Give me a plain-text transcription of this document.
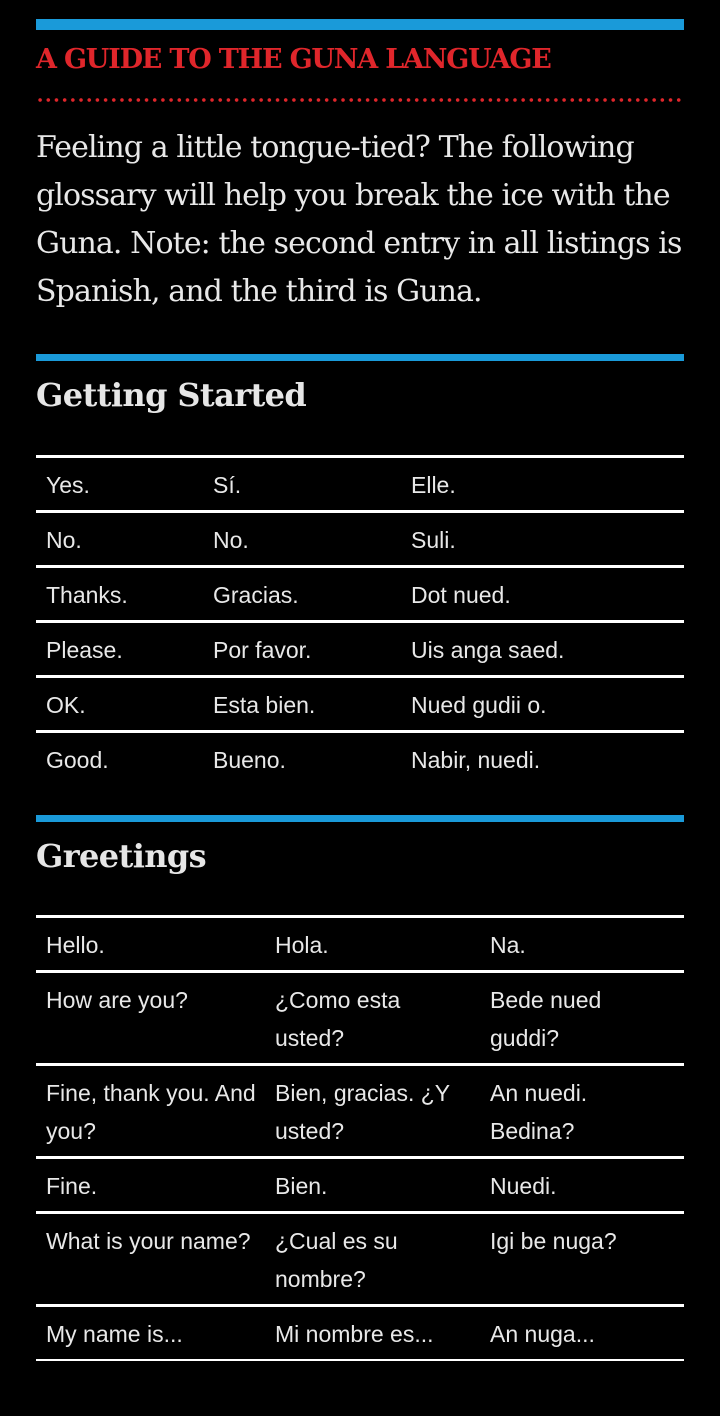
A GUIDE TO THE GUNA LANGUAGE

Feeling a little tongue-tied? The following glossary will help you break the ice with the Guna. Note: the second entry in all listings is Spanish, and the third is Guna.

Getting Started
Yes.	Sí.	Elle.
No.	No.	Suli.
Thanks.	Gracias.	Dot nued.
Please.	Por favor.	Uis anga saed.
OK.	Esta bien.	Nued gudii o.
Good.	Bueno.	Nabir, nuedi.
Greetings
Hello.	Hola.	Na.
How are you?	¿Como esta usted?	Bede nued guddi?
Fine, thank you. And you?	Bien, gracias. ¿Y usted?	An nuedi. Bedina?
Fine.	Bien.	Nuedi.
What is your name?	¿Cual es su nombre?	Igi be nuga?
My name is...	Mi nombre es...	An nuga...
